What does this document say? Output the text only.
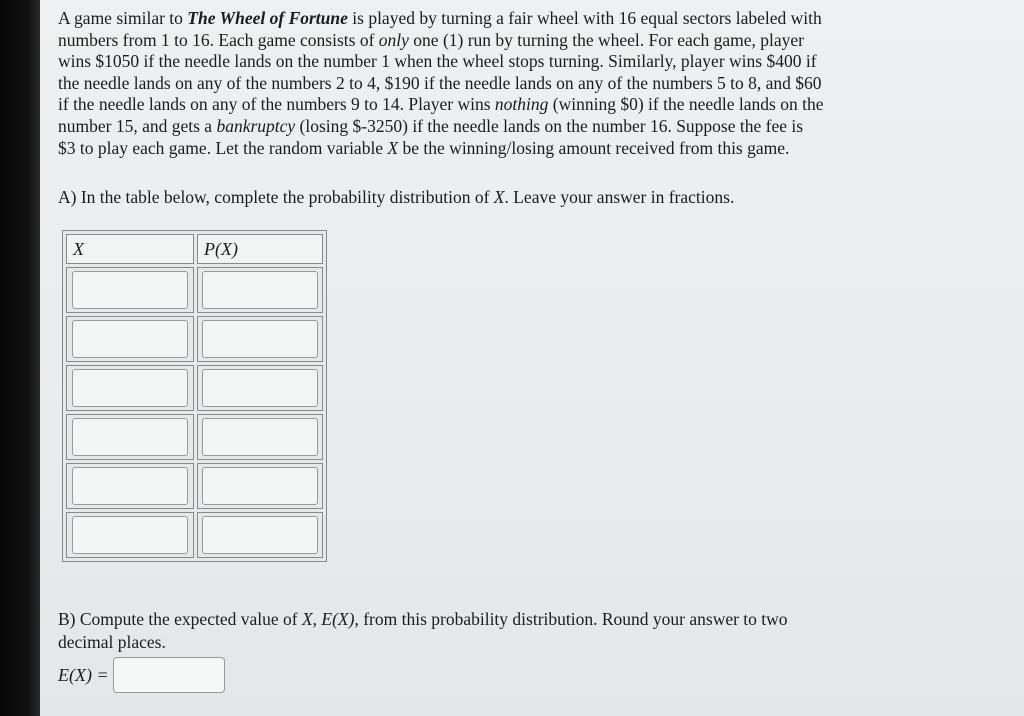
A game similar to The Wheel of Fortune is played by turning a fair wheel with 16 equal sectors labeled with
numbers from 1 to 16. Each game consists of only one (1) run by turning the wheel. For each game, player
wins $1050 if the needle lands on the number 1 when the wheel stops turning. Similarly, player wins $400 if
the needle lands on any of the numbers 2 to 4, $190 if the needle lands on any of the numbers 5 to 8, and $60
if the needle lands on any of the numbers 9 to 14. Player wins nothing (winning $0) if the needle lands on the
number 15, and gets a bankruptcy (losing $-3250) if the needle lands on the number 16. Suppose the fee is
$3 to play each game. Let the random variable X be the winning/losing amount received from this game.
A) In the table below, complete the probability distribution of X. Leave your answer in fractions.
X	P(X)

B) Compute the expected value of X, E(X), from this probability distribution. Round your answer to two
decimal places.
E(X) =
